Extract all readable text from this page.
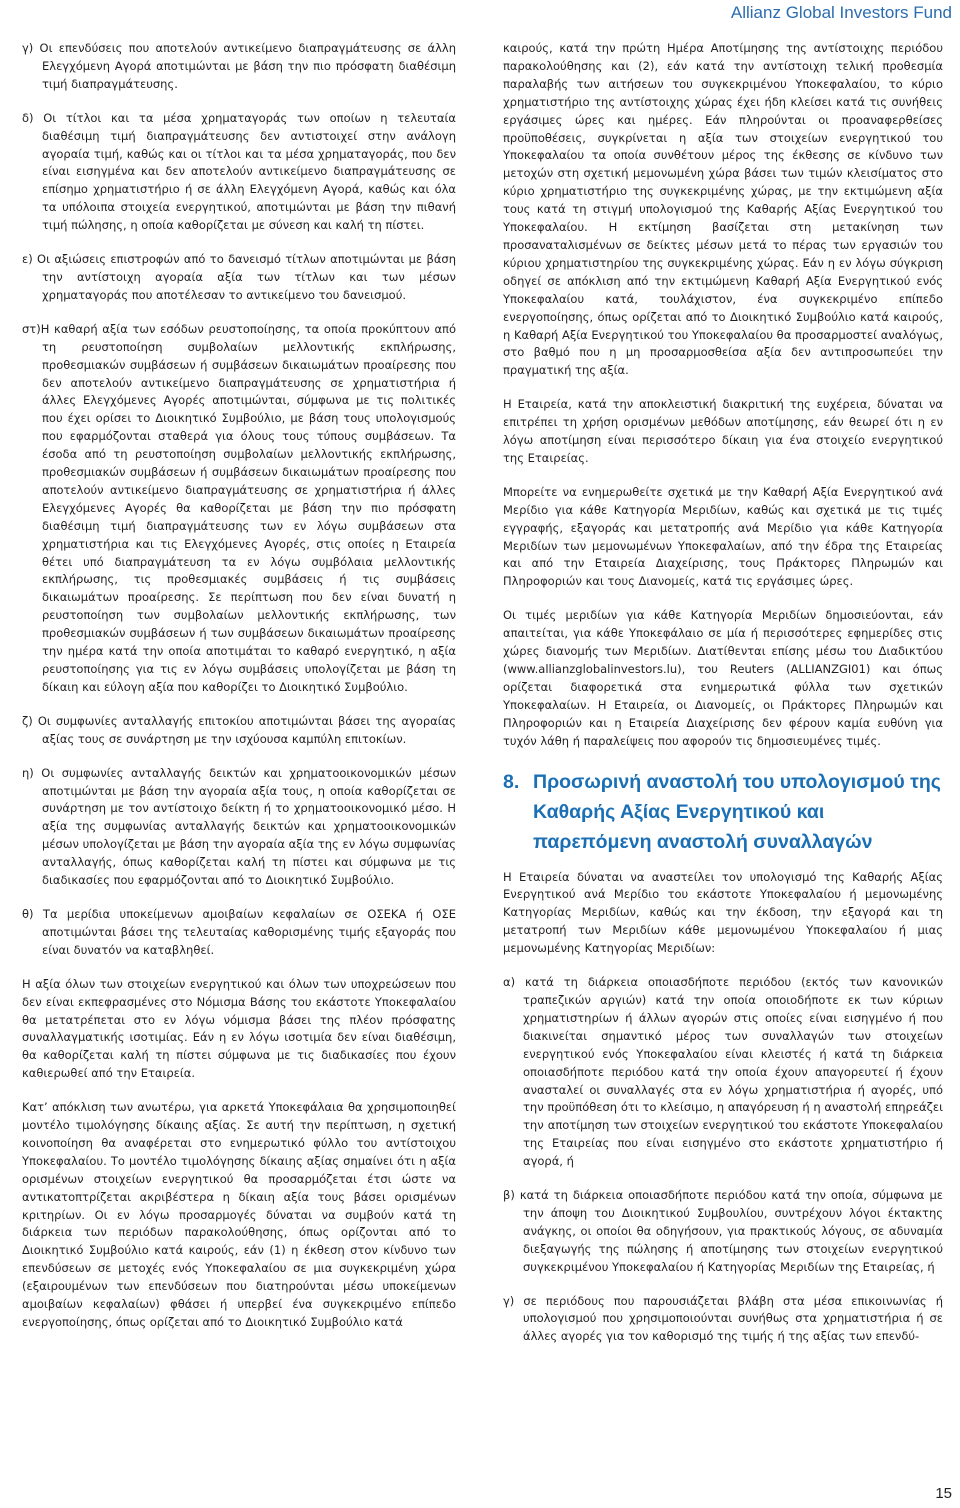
Allianz Global Investors Fund

γ) Οι επενδύσεις που αποτελούν αντικείμενο διαπραγμάτευσης σε άλλη Ελεγχόμενη Αγορά αποτιμώνται με βάση την πιο πρόσφατη διαθέσιμη τιμή διαπραγμάτευσης.

δ) Οι τίτλοι και τα μέσα χρηματαγοράς των οποίων η τελευταία διαθέσιμη τιμή διαπραγμάτευσης δεν αντιστοιχεί στην ανάλογη αγοραία τιμή, καθώς και οι τίτλοι και τα μέσα χρηματαγοράς, που δεν είναι εισηγμένα και δεν αποτελούν αντικείμενο διαπραγμάτευσης σε επίσημο χρηματιστήριο ή σε άλλη Ελεγχόμενη Αγορά, καθώς και όλα τα υπόλοιπα στοιχεία ενεργητικού, αποτιμώνται με βάση την πιθανή τιμή πώλησης, η οποία καθορίζεται με σύνεση και καλή τη πίστει.

ε) Οι αξιώσεις επιστροφών από το δανεισμό τίτλων αποτιμώνται με βάση την αντίστοιχη αγοραία αξία των τίτλων και των μέσων χρηματαγοράς που αποτέλεσαν το αντικείμενο του δανεισμού.

στ)Η καθαρή αξία των εσόδων ρευστοποίησης, τα οποία προκύπτουν από τη ρευστοποίηση συμβολαίων μελλοντικής εκπλήρωσης, προθεσμιακών συμβάσεων ή συμβάσεων δικαιωμάτων προαίρεσης που δεν αποτελούν αντικείμενο διαπραγμάτευσης σε χρηματιστήρια ή άλλες Ελεγχόμενες Αγορές αποτιμώνται, σύμφωνα με τις πολιτικές που έχει ορίσει το Διοικητικό Συμβούλιο, με βάση τους υπολογισμούς που εφαρμόζονται σταθερά για όλους τους τύπους συμβάσεων. Τα έσοδα από τη ρευστοποίηση συμβολαίων μελλοντικής εκπλήρωσης, προθεσμιακών συμβάσεων ή συμβάσεων δικαιωμάτων προαίρεσης που αποτελούν αντικείμενο διαπραγμάτευσης σε χρηματιστήρια ή άλλες Ελεγχόμενες Αγορές θα καθορίζεται με βάση την πιο πρόσφατη διαθέσιμη τιμή διαπραγμάτευσης των εν λόγω συμβάσεων στα χρηματιστήρια και τις Ελεγχόμενες Αγορές, στις οποίες η Εταιρεία θέτει υπό διαπραγμάτευση τα εν λόγω συμβόλαια μελλοντικής εκπλήρωσης, τις προθεσμιακές συμβάσεις ή τις συμβάσεις δικαιωμάτων προαίρεσης. Σε περίπτωση που δεν είναι δυνατή η ρευστοποίηση των συμβολαίων μελλοντικής εκπλήρωσης, των προθεσμιακών συμβάσεων ή των συμβάσεων δικαιωμάτων προαίρεσης την ημέρα κατά την οποία αποτιμάται το καθαρό ενεργητικό, η αξία ρευστοποίησης για τις εν λόγω συμβάσεις υπολογίζεται με βάση τη δίκαιη και εύλογη αξία που καθορίζει το Διοικητικό Συμβούλιο.

ζ) Οι συμφωνίες ανταλλαγής επιτοκίου αποτιμώνται βάσει της αγοραίας αξίας τους σε συνάρτηση με την ισχύουσα καμπύλη επιτοκίων.

η) Οι συμφωνίες ανταλλαγής δεικτών και χρηματοοικονομικών μέσων αποτιμώνται με βάση την αγοραία αξία τους, η οποία καθορίζεται σε συνάρτηση με τον αντίστοιχο δείκτη ή το χρηματοοικονομικό μέσο. Η αξία της συμφωνίας ανταλλαγής δεικτών και χρηματοοικονομικών μέσων υπολογίζεται με βάση την αγοραία αξία της εν λόγω συμφωνίας ανταλλαγής, όπως καθορίζεται καλή τη πίστει και σύμφωνα με τις διαδικασίες που εφαρμόζονται από το Διοικητικό Συμβούλιο.

θ) Τα μερίδια υποκείμενων αμοιβαίων κεφαλαίων σε ΟΣΕΚΑ ή ΟΣΕ αποτιμώνται βάσει της τελευταίας καθορισμένης τιμής εξαγοράς που είναι δυνατόν να καταβληθεί.

Η αξία όλων των στοιχείων ενεργητικού και όλων των υποχρεώσεων που δεν είναι εκπεφρασμένες στο Νόμισμα Βάσης του εκάστοτε Υποκεφαλαίου θα μετατρέπεται στο εν λόγω νόμισμα βάσει της πλέον πρόσφατης συναλλαγματικής ισοτιμίας. Εάν η εν λόγω ισοτιμία δεν είναι διαθέσιμη, θα καθορίζεται καλή τη πίστει σύμφωνα με τις διαδικασίες που έχουν καθιερωθεί από την Εταιρεία.

Κατ’ απόκλιση των ανωτέρω, για αρκετά Υποκεφάλαια θα χρησιμοποιηθεί μοντέλο τιμολόγησης δίκαιης αξίας. Σε αυτή την περίπτωση, η σχετική κοινοποίηση θα αναφέρεται στο ενημερωτικό φύλλο του αντίστοιχου Υποκεφαλαίου. Το μοντέλο τιμολόγησης δίκαιης αξίας σημαίνει ότι η αξία ορισμένων στοιχείων ενεργητικού θα προσαρμόζεται έτσι ώστε να αντικατοπτρίζεται ακριβέστερα η δίκαιη αξία τους βάσει ορισμένων κριτηρίων. Οι εν λόγω προσαρμογές δύναται να συμβούν κατά τη διάρκεια των περιόδων παρακολούθησης, όπως ορίζονται από το Διοικητικό Συμβούλιο κατά καιρούς, εάν (1) η έκθεση στον κίνδυνο των επενδύσεων σε μετοχές ενός Υποκεφαλαίου σε μια συγκεκριμένη χώρα (εξαιρουμένων των επενδύσεων που διατηρούνται μέσω υποκείμενων αμοιβαίων κεφαλαίων) φθάσει ή υπερβεί ένα συγκεκριμένο επίπεδο ενεργοποίησης, όπως ορίζεται από το Διοικητικό Συμβούλιο κατά

καιρούς, κατά την πρώτη Ημέρα Αποτίμησης της αντίστοιχης περιόδου παρακολούθησης και (2), εάν κατά την αντίστοιχη τελική προθεσμία παραλαβής των αιτήσεων του συγκεκριμένου Υποκεφαλαίου, το κύριο χρηματιστήριο της αντίστοιχης χώρας έχει ήδη κλείσει κατά τις συνήθεις εργάσιμες ώρες και ημέρες. Εάν πληρούνται οι προαναφερθείσες προϋποθέσεις, συγκρίνεται η αξία των στοιχείων ενεργητικού του Υποκεφαλαίου τα οποία συνθέτουν μέρος της έκθεσης σε κίνδυνο των μετοχών στη σχετική μεμονωμένη χώρα βάσει των τιμών κλεισίματος στο κύριο χρηματιστήριο της συγκεκριμένης χώρας, με την εκτιμώμενη αξία τους κατά τη στιγμή υπολογισμού της Καθαρής Αξίας Ενεργητικού του Υποκεφαλαίου. Η εκτίμηση βασίζεται στη μετακίνηση των προσαναταλισμένων σε δείκτες μέσων μετά το πέρας των εργασιών του κύριου χρηματιστηρίου της συγκεκριμένης χώρας. Εάν η εν λόγω σύγκριση οδηγεί σε απόκλιση από την εκτιμώμενη Καθαρή Αξία Ενεργητικού ενός Υποκεφαλαίου κατά, τουλάχιστον, ένα συγκεκριμένο επίπεδο ενεργοποίησης, όπως ορίζεται από το Διοικητικό Συμβούλιο κατά καιρούς, η Καθαρή Αξία Ενεργητικού του Υποκεφαλαίου θα προσαρμοστεί αναλόγως, στο βαθμό που η μη προσαρμοσθείσα αξία δεν αντιπροσωπεύει την πραγματική της αξία.

Η Εταιρεία, κατά την αποκλειστική διακριτική της ευχέρεια, δύναται να επιτρέπει τη χρήση ορισμένων μεθόδων αποτίμησης, εάν θεωρεί ότι η εν λόγω αποτίμηση είναι περισσότερο δίκαιη για ένα στοιχείο ενεργητικού της Εταιρείας.

Μπορείτε να ενημερωθείτε σχετικά με την Καθαρή Αξία Ενεργητικού ανά Μερίδιο για κάθε Κατηγορία Μεριδίων, καθώς και σχετικά με τις τιμές εγγραφής, εξαγοράς και μετατροπής ανά Μερίδιο για κάθε Κατηγορία Μεριδίων των μεμονωμένων Υποκεφαλαίων, από την έδρα της Εταιρείας και από την Εταιρεία Διαχείρισης, τους Πράκτορες Πληρωμών και Πληροφοριών και τους Διανομείς, κατά τις εργάσιμες ώρες.

Οι τιμές μεριδίων για κάθε Κατηγορία Μεριδίων δημοσιεύονται, εάν απαιτείται, για κάθε Υποκεφάλαιο σε μία ή περισσότερες εφημερίδες στις χώρες διανομής των Μεριδίων. Διατίθενται επίσης μέσω του Διαδικτύου (www.allianzglobalinvestors.lu), του Reuters (ALLIANZGI01) και όπως ορίζεται διαφορετικά στα ενημερωτικά φύλλα των σχετικών Υποκεφαλαίων. Η Εταιρεία, οι Διανομείς, οι Πράκτορες Πληρωμών και Πληροφοριών και η Εταιρεία Διαχείρισης δεν φέρουν καμία ευθύνη για τυχόν λάθη ή παραλείψεις που αφορούν τις δημοσιευμένες τιμές.

8. Προσωρινή αναστολή του υπολογισμού της Καθαρής Αξίας Ενεργητικού και παρεπόμενη αναστολή συναλλαγών

Η Εταιρεία δύναται να αναστείλει τον υπολογισμό της Καθαρής Αξίας Ενεργητικού ανά Μερίδιο του εκάστοτε Υποκεφαλαίου ή μεμονωμένης Κατηγορίας Μεριδίων, καθώς και την έκδοση, την εξαγορά και τη μετατροπή των Μεριδίων κάθε μεμονωμένου Υποκεφαλαίου ή μιας μεμονωμένης Κατηγορίας Μεριδίων:

α) κατά τη διάρκεια οποιασδήποτε περιόδου (εκτός των κανονικών τραπεζικών αργιών) κατά την οποία οποιοδήποτε εκ των κύριων χρηματιστηρίων ή άλλων αγορών στις οποίες είναι εισηγμένο ή που διακινείται σημαντικό μέρος των συναλλαγών των στοιχείων ενεργητικού ενός Υποκεφαλαίου είναι κλειστές ή κατά τη διάρκεια οποιασδήποτε περιόδου κατά την οποία έχουν απαγορευτεί ή έχουν ανασταλεί οι συναλλαγές στα εν λόγω χρηματιστήρια ή αγορές, υπό την προϋπόθεση ότι το κλείσιμο, η απαγόρευση ή η αναστολή επηρεάζει την αποτίμηση των στοιχείων ενεργητικού του εκάστοτε Υποκεφαλαίου της Εταιρείας που είναι εισηγμένο στο εκάστοτε χρηματιστήριο ή αγορά, ή

β) κατά τη διάρκεια οποιασδήποτε περιόδου κατά την οποία, σύμφωνα με την άποψη του Διοικητικού Συμβουλίου, συντρέχουν λόγοι έκτακτης ανάγκης, οι οποίοι θα οδηγήσουν, για πρακτικούς λόγους, σε αδυναμία διεξαγωγής της πώλησης ή αποτίμησης των στοιχείων ενεργητικού συγκεκριμένου Υποκεφαλαίου ή Κατηγορίας Μεριδίων της Εταιρείας, ή

γ) σε περιόδους που παρουσιάζεται βλάβη στα μέσα επικοινωνίας ή υπολογισμού που χρησιμοποιούνται συνήθως στα χρηματιστήρια ή σε άλλες αγορές για τον καθορισμό της τιμής ή της αξίας των επενδύ-

15
